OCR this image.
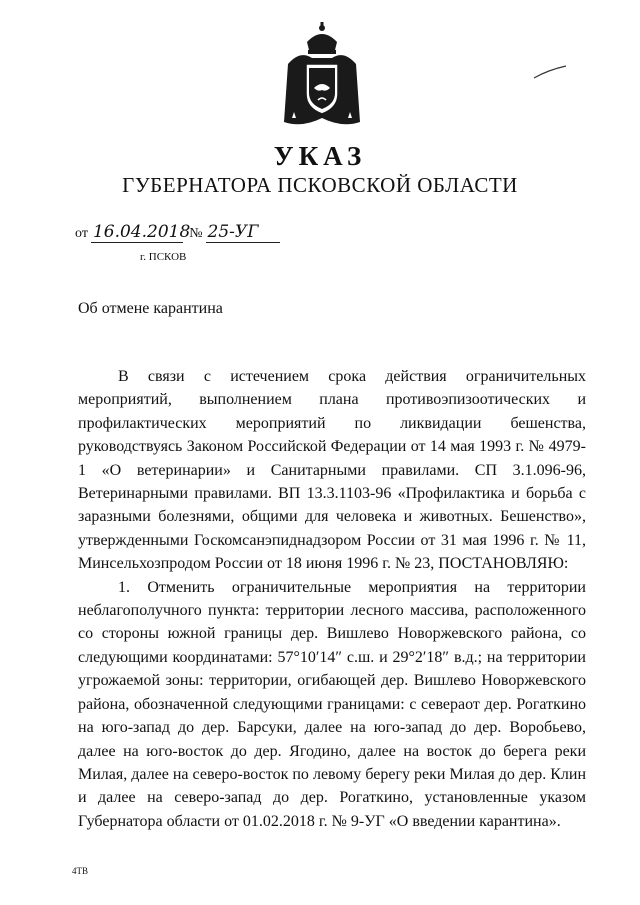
УКАЗ
ГУБЕРНАТОРА ПСКОВСКОЙ ОБЛАСТИ
от 16.04.2018 № 25-УГ
г. ПСКОВ
Об отмене карантина

В связи с истечением срока действия ограничительных мероприятий, выполнением плана противоэпизоотических и профилактических мероприятий по ликвидации бешенства, руководствуясь Законом Российской Федерации от 14 мая 1993 г. № 4979-1 «О ветеринарии» и Санитарными правилами. СП 3.1.096-96, Ветеринарными правилами. ВП 13.3.1103-96 «Профилактика и борьба с заразными болезнями, общими для человека и животных. Бешенство», утвержденными Госкомсанэпиднадзором России от 31 мая 1996 г. № 11, Минсельхозпродом России от 18 июня 1996 г. № 23, ПОСТАНОВЛЯЮ:

1. Отменить ограничительные мероприятия на территории неблагополучного пункта: территории лесного массива, расположенного со стороны южной границы дер. Вишлево Новоржевского района, со следующими координатами: 57°10′14″ с.ш. и 29°2′18″ в.д.; на территории угрожаемой зоны: территории, огибающей дер. Вишлево Новоржевского района, обозначенной следующими границами: с севераот дер. Рогаткино на юго-запад до дер. Барсуки, далее на юго-запад до дер. Воробьево, далее на юго-восток до дер. Ягодино, далее на восток до берега реки Милая, далее на северо-восток по левому берегу реки Милая до дер. Клин и далее на северо-запад до дер. Рогаткино, установленные указом Губернатора области от 01.02.2018 г. № 9-УГ «О введении карантина».

4ТВ
